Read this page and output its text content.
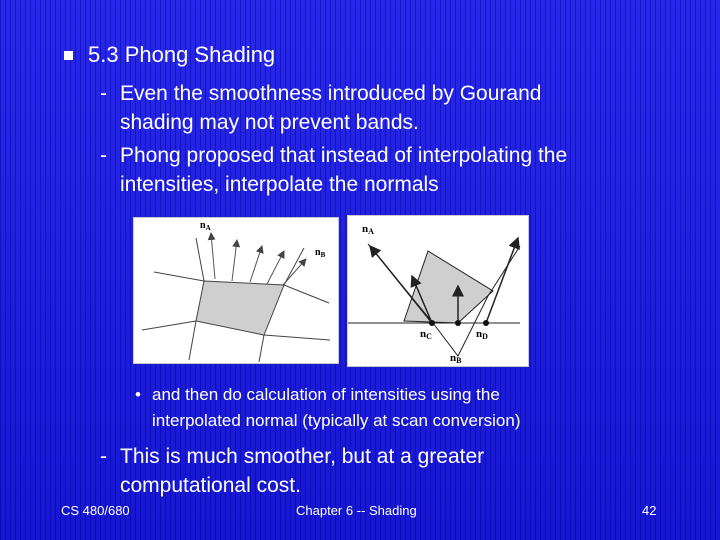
5.3 Phong Shading
- Even the smoothness introduced by Gourand
shading may not prevent bands.
- Phong proposed that instead of interpolating the
intensities, interpolate the normals
$n_A$
$n_B$
nA
nC	nD
nB
• and then do calculation of intensities using the
interpolated normal (typically at scan conversion)
- This is much smoother, but at a greater
computational cost.
CS 480/680	Chapter 6 -- Shading	42
